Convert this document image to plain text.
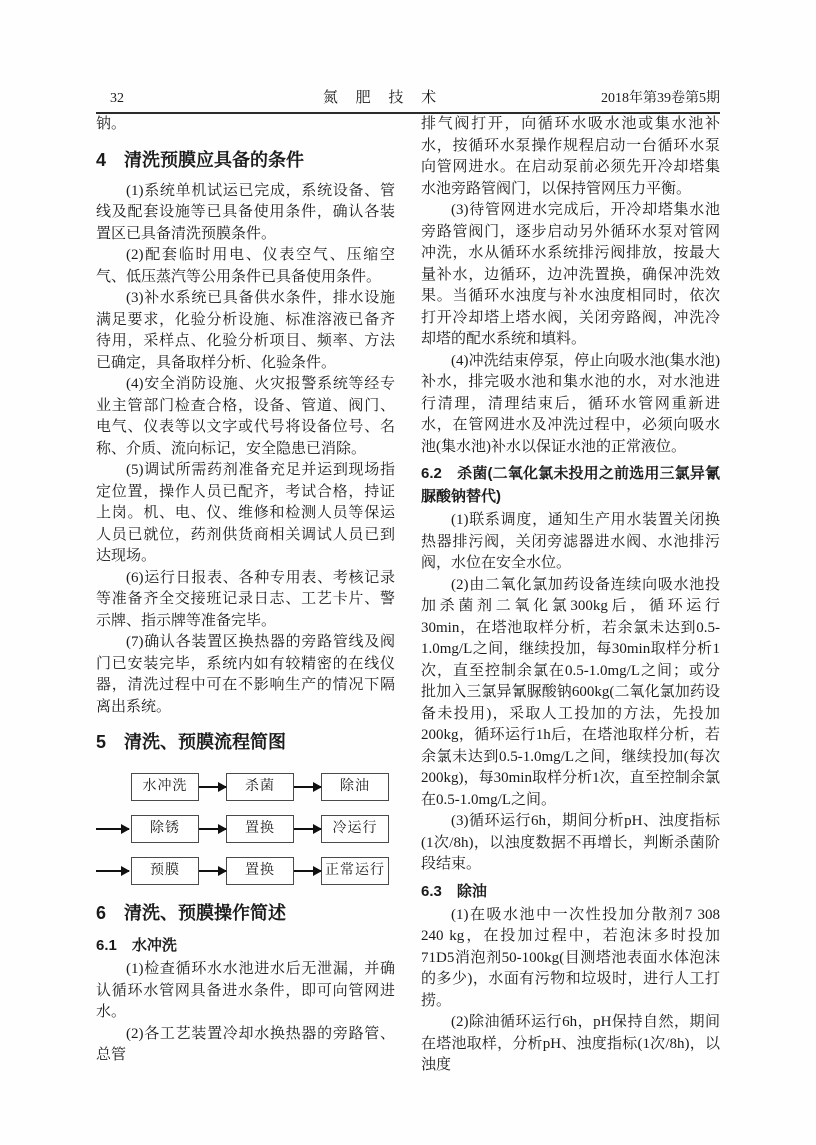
32	氮 肥 技 术	2018年第39卷第5期

钠。

4　清洗预膜应具备的条件

(1)系统单机试运已完成，系统设备、管线及配套设施等已具备使用条件，确认各装置区已具备清洗预膜条件。

(2)配套临时用电、仪表空气、压缩空气、低压蒸汽等公用条件已具备使用条件。

(3)补水系统已具备供水条件，排水设施满足要求，化验分析设施、标准溶液已备齐待用，采样点、化验分析项目、频率、方法已确定，具备取样分析、化验条件。

(4)安全消防设施、火灾报警系统等经专业主管部门检查合格，设备、管道、阀门、电气、仪表等以文字或代号将设备位号、名称、介质、流向标记，安全隐患已消除。

(5)调试所需药剂准备充足并运到现场指定位置，操作人员已配齐，考试合格，持证上岗。机、电、仪、维修和检测人员等保运人员已就位，药剂供货商相关调试人员已到达现场。

(6)运行日报表、各种专用表、考核记录等准备齐全交接班记录日志、工艺卡片、警示牌、指示牌等准备完毕。

(7)确认各装置区换热器的旁路管线及阀门已安装完毕，系统内如有较精密的在线仪器，清洗过程中可在不影响生产的情况下隔离出系统。

5　清洗、预膜流程简图
水冲洗	杀菌	除油
除锈	置换	冷运行
预膜	置换	正常运行
6　清洗、预膜操作简述
6.1　水冲洗

(1)检查循环水水池进水后无泄漏，并确认循环水管网具备进水条件，即可向管网进水。

(2)各工艺装置冷却水换热器的旁路管、总管

排气阀打开，向循环水吸水池或集水池补水，按循环水泵操作规程启动一台循环水泵向管网进水。在启动泵前必须先开冷却塔集水池旁路管阀门，以保持管网压力平衡。

(3)待管网进水完成后，开冷却塔集水池旁路管阀门，逐步启动另外循环水泵对管网冲洗，水从循环水系统排污阀排放，按最大量补水，边循环，边冲洗置换，确保冲洗效果。当循环水浊度与补水浊度相同时，依次打开冷却塔上塔水阀，关闭旁路阀，冲洗冷却塔的配水系统和填料。

(4)冲洗结束停泵，停止向吸水池(集水池)补水，排完吸水池和集水池的水，对水池进行清理，清理结束后，循环水管网重新进水，在管网进水及冲洗过程中，必须向吸水池(集水池)补水以保证水池的正常液位。

6.2　杀菌(二氧化氯未投用之前选用三氯异氰脲酸钠替代)

(1)联系调度，通知生产用水装置关闭换热器排污阀，关闭旁滤器进水阀、水池排污阀，水位在安全水位。

(2)由二氧化氯加药设备连续向吸水池投加杀菌剂二氧化氯300kg后，循环运行30min，在塔池取样分析，若余氯未达到0.5-1.0mg/L之间，继续投加，每30min取样分析1次，直至控制余氯在0.5-1.0mg/L之间；或分批加入三氯异氰脲酸钠600kg(二氧化氯加药设备未投用)，采取人工投加的方法，先投加200kg，循环运行1h后，在塔池取样分析，若余氯未达到0.5-1.0mg/L之间，继续投加(每次200kg)，每30min取样分析1次，直至控制余氯在0.5-1.0mg/L之间。

(3)循环运行6h，期间分析pH、浊度指标(1次/8h)，以浊度数据不再增长，判断杀菌阶段结束。

6.3　除油

(1)在吸水池中一次性投加分散剂7 308 240 kg，在投加过程中，若泡沫多时投加71D5消泡剂50-100kg(目测塔池表面水体泡沫的多少)，水面有污物和垃圾时，进行人工打捞。

(2)除油循环运行6h，pH保持自然，期间在塔池取样，分析pH、浊度指标(1次/8h)，以浊度
